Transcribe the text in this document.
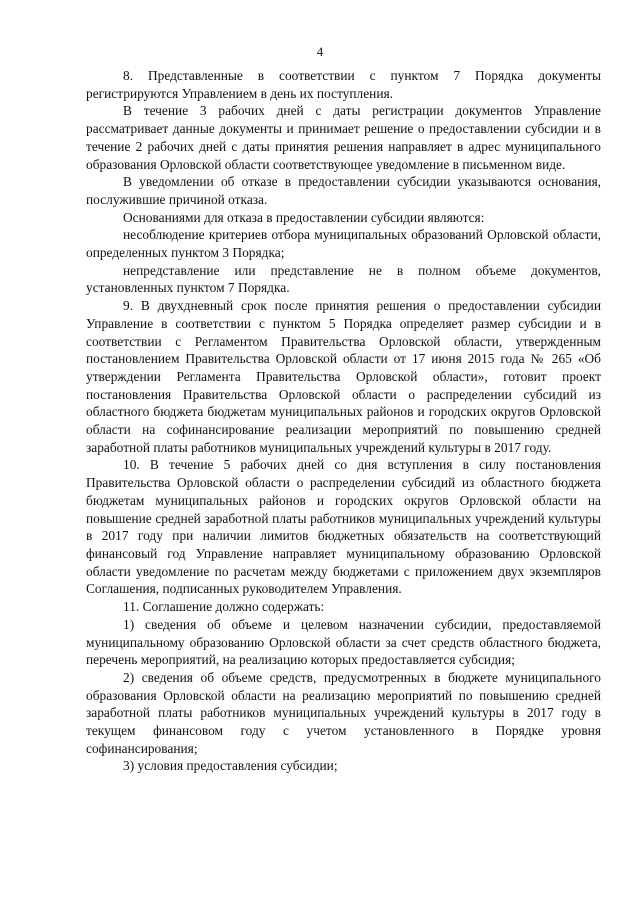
4

8. Представленные в соответствии с пунктом 7 Порядка документы регистрируются Управлением в день их поступления.

В течение 3 рабочих дней с даты регистрации документов Управление рассматривает данные документы и принимает решение о предоставлении субсидии и в течение 2 рабочих дней с даты принятия решения направляет в адрес муниципального образования Орловской области соответствующее уведомление в письменном виде.

В уведомлении об отказе в предоставлении субсидии указываются основания, послужившие причиной отказа.

Основаниями для отказа в предоставлении субсидии являются:

несоблюдение критериев отбора муниципальных образований Орловской области, определенных пунктом 3 Порядка;

непредставление или представление не в полном объеме документов, установленных пунктом 7 Порядка.

9. В двухдневный срок после принятия решения о предоставлении субсидии Управление в соответствии с пунктом 5 Порядка определяет размер субсидии и в соответствии с Регламентом Правительства Орловской области, утвержденным постановлением Правительства Орловской области от 17 июня 2015 года № 265 «Об утверждении Регламента Правительства Орловской области», готовит проект постановления Правительства Орловской области о распределении субсидий из областного бюджета бюджетам муниципальных районов и городских округов Орловской области на софинансирование реализации мероприятий по повышению средней заработной платы работников муниципальных учреждений культуры в 2017 году.

10. В течение 5 рабочих дней со дня вступления в силу постановления Правительства Орловской области о распределении субсидий из областного бюджета бюджетам муниципальных районов и городских округов Орловской области на повышение средней заработной платы работников муниципальных учреждений культуры в 2017 году при наличии лимитов бюджетных обязательств на соответствующий финансовый год Управление направляет муниципальному образованию Орловской области уведомление по расчетам между бюджетами с приложением двух экземпляров Соглашения, подписанных руководителем Управления.

11. Соглашение должно содержать:

1) сведения об объеме и целевом назначении субсидии, предоставляемой муниципальному образованию Орловской области за счет средств областного бюджета, перечень мероприятий, на реализацию которых предоставляется субсидия;

2) сведения об объеме средств, предусмотренных в бюджете муниципального образования Орловской области на реализацию мероприятий по повышению средней заработной платы работников муниципальных учреждений культуры в 2017 году в текущем финансовом году с учетом установленного в Порядке уровня софинансирования;

3) условия предоставления субсидии;
